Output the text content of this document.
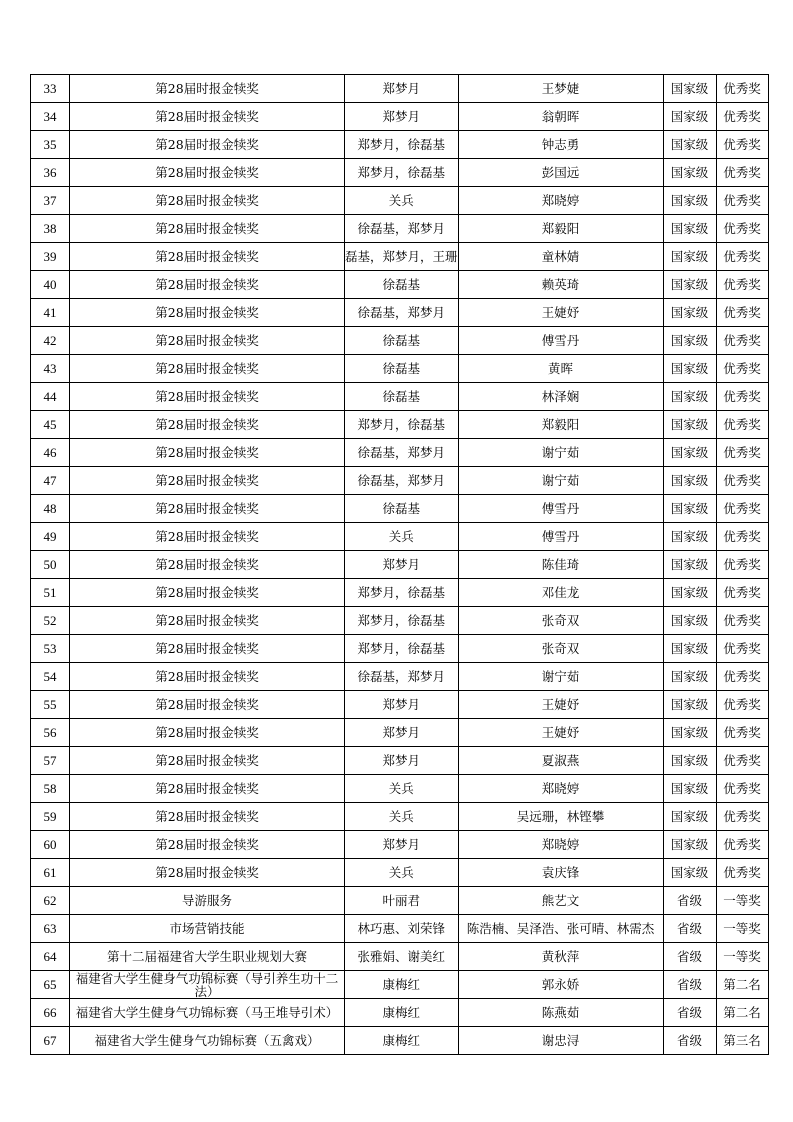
33	第28届时报金犊奖	郑梦月	王梦婕	国家级	优秀奖
34	第28届时报金犊奖	郑梦月	翁朝晖	国家级	优秀奖
35	第28届时报金犊奖	郑梦月，徐磊基	钟志勇	国家级	优秀奖
36	第28届时报金犊奖	郑梦月，徐磊基	彭国远	国家级	优秀奖
37	第28届时报金犊奖	关兵	郑晓婷	国家级	优秀奖
38	第28届时报金犊奖	徐磊基，郑梦月	郑毅阳	国家级	优秀奖
39	第28届时报金犊奖	磊基，郑梦月，王珊	童林婧	国家级	优秀奖
40	第28届时报金犊奖	徐磊基	赖英琦	国家级	优秀奖
41	第28届时报金犊奖	徐磊基，郑梦月	王婕妤	国家级	优秀奖
42	第28届时报金犊奖	徐磊基	傅雪丹	国家级	优秀奖
43	第28届时报金犊奖	徐磊基	黄晖	国家级	优秀奖
44	第28届时报金犊奖	徐磊基	林泽娴	国家级	优秀奖
45	第28届时报金犊奖	郑梦月，徐磊基	郑毅阳	国家级	优秀奖
46	第28届时报金犊奖	徐磊基，郑梦月	谢宁茹	国家级	优秀奖
47	第28届时报金犊奖	徐磊基，郑梦月	谢宁茹	国家级	优秀奖
48	第28届时报金犊奖	徐磊基	傅雪丹	国家级	优秀奖
49	第28届时报金犊奖	关兵	傅雪丹	国家级	优秀奖
50	第28届时报金犊奖	郑梦月	陈佳琦	国家级	优秀奖
51	第28届时报金犊奖	郑梦月，徐磊基	邓佳龙	国家级	优秀奖
52	第28届时报金犊奖	郑梦月，徐磊基	张奇双	国家级	优秀奖
53	第28届时报金犊奖	郑梦月，徐磊基	张奇双	国家级	优秀奖
54	第28届时报金犊奖	徐磊基，郑梦月	谢宁茹	国家级	优秀奖
55	第28届时报金犊奖	郑梦月	王婕妤	国家级	优秀奖
56	第28届时报金犊奖	郑梦月	王婕妤	国家级	优秀奖
57	第28届时报金犊奖	郑梦月	夏淑燕	国家级	优秀奖
58	第28届时报金犊奖	关兵	郑晓婷	国家级	优秀奖
59	第28届时报金犊奖	关兵	吴远珊，林铿攀	国家级	优秀奖
60	第28届时报金犊奖	郑梦月	郑晓婷	国家级	优秀奖
61	第28届时报金犊奖	关兵	袁庆锋	国家级	优秀奖
62	导游服务	叶丽君	熊艺文	省级	一等奖
63	市场营销技能	林巧惠、刘荣锋	陈浩楠、吴泽浩、张可晴、林需杰	省级	一等奖
64	第十二届福建省大学生职业规划大赛	张雅娟、谢美红	黄秋萍	省级	一等奖
65	福建省大学生健身气功锦标赛（导引养生功十二法）	康梅红	郭永娇	省级	第二名
66	福建省大学生健身气功锦标赛（马王堆导引术）	康梅红	陈燕茹	省级	第二名
67	福建省大学生健身气功锦标赛（五禽戏）	康梅红	谢忠浔	省级	第三名
